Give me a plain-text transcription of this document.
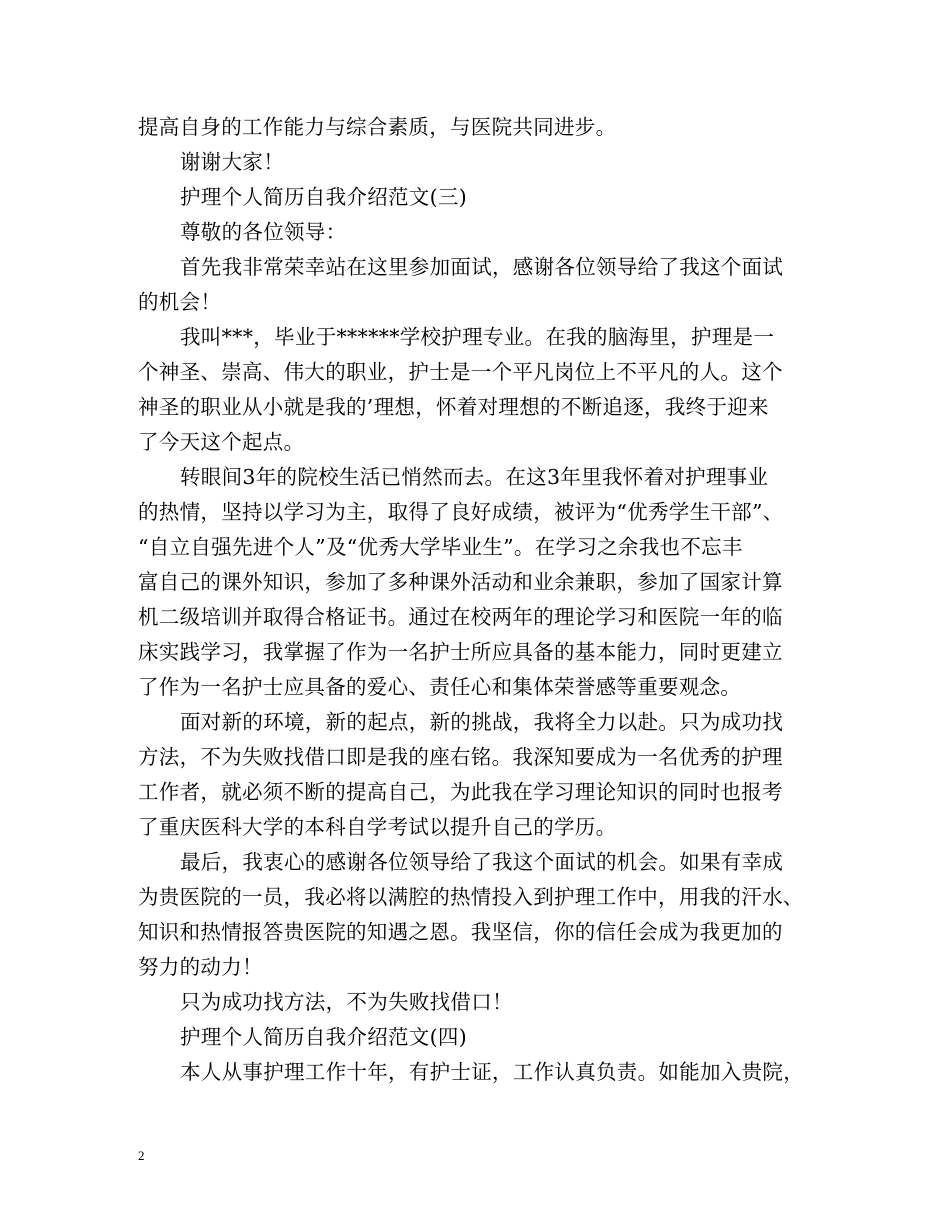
提高自身的工作能力与综合素质，与医院共同进步。
谢谢大家！
护理个人简历自我介绍范文(三)
尊敬的各位领导：
首先我非常荣幸站在这里参加面试，感谢各位领导给了我这个面试
的机会！
我叫***，毕业于******学校护理专业。在我的脑海里，护理是一
个神圣、崇高、伟大的职业，护士是一个平凡岗位上不平凡的人。这个
神圣的职业从小就是我的’理想，怀着对理想的不断追逐，我终于迎来
了今天这个起点。
转眼间3年的院校生活已悄然而去。在这3年里我怀着对护理事业
的热情，坚持以学习为主，取得了良好成绩，被评为“优秀学生干部”、
“自立自强先进个人”及“优秀大学毕业生”。在学习之余我也不忘丰
富自己的课外知识，参加了多种课外活动和业余兼职，参加了国家计算
机二级培训并取得合格证书。通过在校两年的理论学习和医院一年的临
床实践学习，我掌握了作为一名护士所应具备的基本能力，同时更建立
了作为一名护士应具备的爱心、责任心和集体荣誉感等重要观念。
面对新的环境，新的起点，新的挑战，我将全力以赴。只为成功找
方法，不为失败找借口即是我的座右铭。我深知要成为一名优秀的护理
工作者，就必须不断的提高自己，为此我在学习理论知识的同时也报考
了重庆医科大学的本科自学考试以提升自己的学历。
最后，我衷心的感谢各位领导给了我这个面试的机会。如果有幸成
为贵医院的一员，我必将以满腔的热情投入到护理工作中，用我的汗水、
知识和热情报答贵医院的知遇之恩。我坚信，你的信任会成为我更加的
努力的动力！
只为成功找方法，不为失败找借口！
护理个人简历自我介绍范文(四)
本人从事护理工作十年，有护士证，工作认真负责。如能加入贵院，
2
